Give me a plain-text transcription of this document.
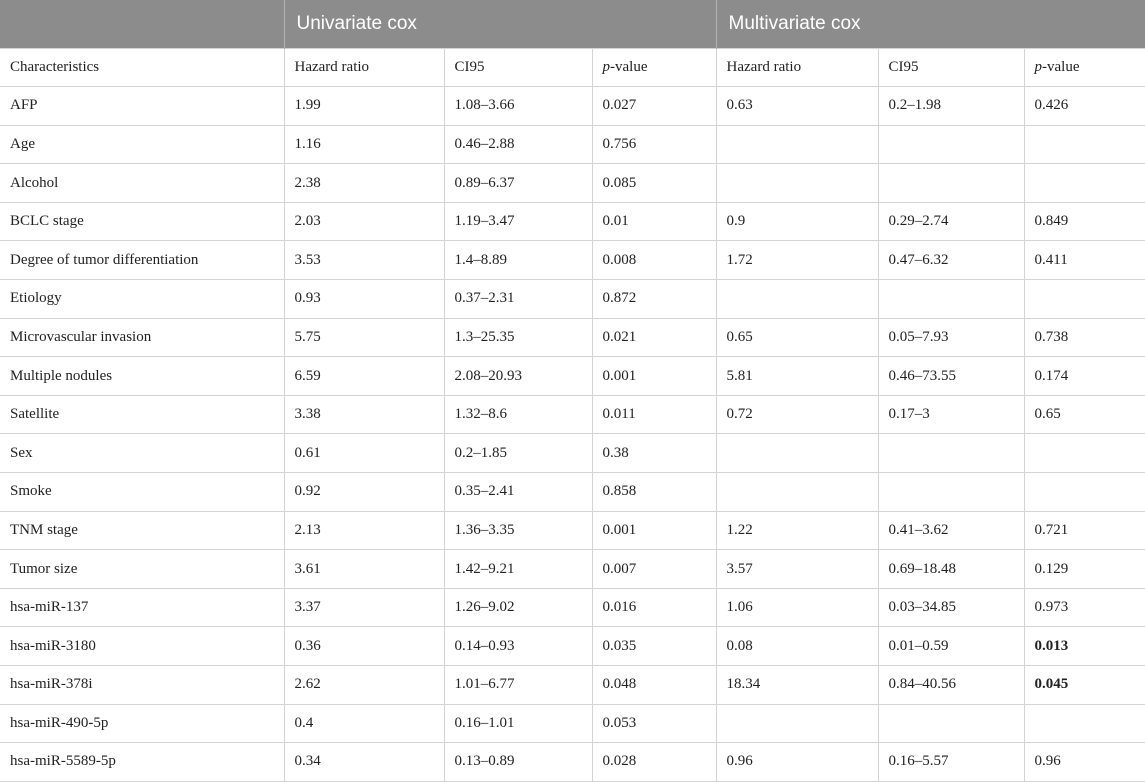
	Univariate cox			Multivariate cox		
Characteristics	Hazard ratio	CI95	p-value	Hazard ratio	CI95	p-value
AFP	1.99	1.08–3.66	0.027	0.63	0.2–1.98	0.426
Age	1.16	0.46–2.88	0.756			
Alcohol	2.38	0.89–6.37	0.085			
BCLC stage	2.03	1.19–3.47	0.01	0.9	0.29–2.74	0.849
Degree of tumor differentiation	3.53	1.4–8.89	0.008	1.72	0.47–6.32	0.411
Etiology	0.93	0.37–2.31	0.872			
Microvascular invasion	5.75	1.3–25.35	0.021	0.65	0.05–7.93	0.738
Multiple nodules	6.59	2.08–20.93	0.001	5.81	0.46–73.55	0.174
Satellite	3.38	1.32–8.6	0.011	0.72	0.17–3	0.65
Sex	0.61	0.2–1.85	0.38			
Smoke	0.92	0.35–2.41	0.858			
TNM stage	2.13	1.36–3.35	0.001	1.22	0.41–3.62	0.721
Tumor size	3.61	1.42–9.21	0.007	3.57	0.69–18.48	0.129
hsa-miR-137	3.37	1.26–9.02	0.016	1.06	0.03–34.85	0.973
hsa-miR-3180	0.36	0.14–0.93	0.035	0.08	0.01–0.59	0.013
hsa-miR-378i	2.62	1.01–6.77	0.048	18.34	0.84–40.56	0.045
hsa-miR-490-5p	0.4	0.16–1.01	0.053			
hsa-miR-5589-5p	0.34	0.13–0.89	0.028	0.96	0.16–5.57	0.96
